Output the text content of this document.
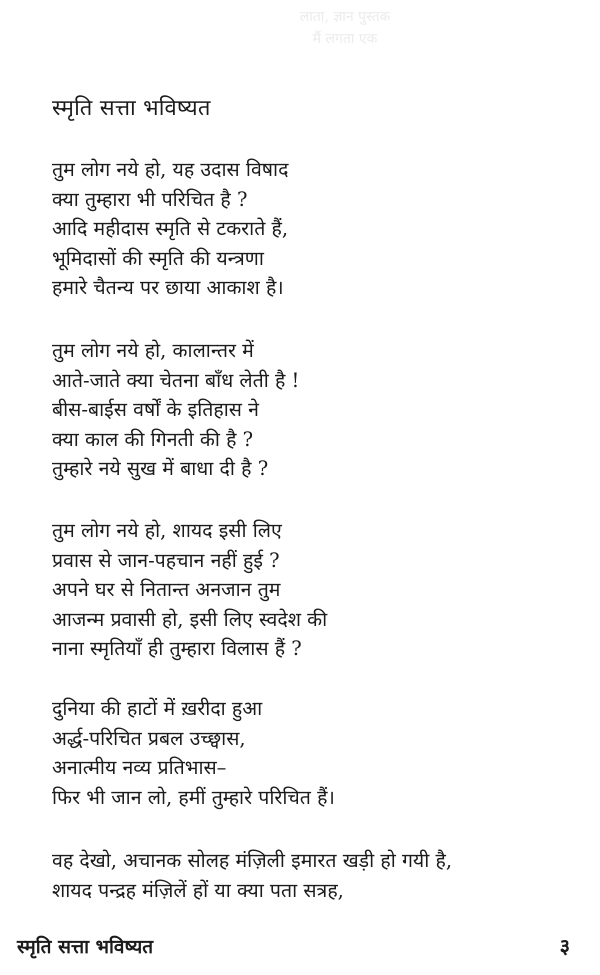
लाता, ज्ञान पुस्तक
मैं लगता एक
स्मृति सत्ता भविष्यत
तुम लोग नये हो, यह उदास विषाद
क्या तुम्हारा भी परिचित है ?
आदि महीदास स्मृति से टकराते हैं,
भूमिदासों की स्मृति की यन्त्रणा
हमारे चैतन्य पर छाया आकाश है।
तुम लोग नये हो, कालान्तर में
आते-जाते क्या चेतना बाँध लेती है !
बीस-बाईस वर्षों के इतिहास ने
क्या काल की गिनती की है ?
तुम्हारे नये सुख में बाधा दी है ?
तुम लोग नये हो, शायद इसी लिए
प्रवास से जान-पहचान नहीं हुई ?
अपने घर से नितान्त अनजान तुम
आजन्म प्रवासी हो, इसी लिए स्वदेश की
नाना स्मृतियाँ ही तुम्हारा विलास हैं ?
दुनिया की हाटों में ख़रीदा हुआ
अर्द्ध-परिचित प्रबल उच्छ्वास,
अनात्मीय नव्य प्रतिभास–
फिर भी जान लो, हमीं तुम्हारे परिचित हैं।
वह देखो, अचानक सोलह मंज़िली इमारत खड़ी हो गयी है,
शायद पन्द्रह मंज़िलें हों या क्या पता सत्रह,
स्मृति सत्ता भविष्यत	३
